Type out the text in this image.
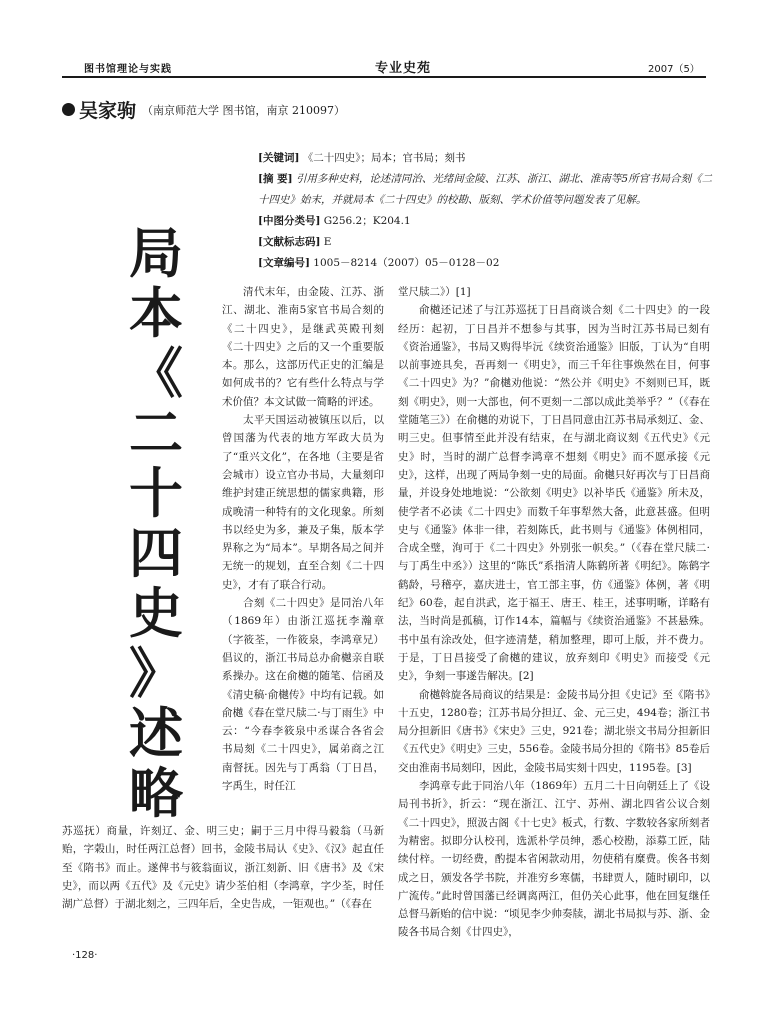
图书馆理论与实践	专业史苑	2007（5）
吴家驹 （南京师范大学 图书馆，南京 210097）
[关键词] 《二十四史》；局本；官书局；刻书
[摘 要] 引用多种史料，论述清同治、光绪间金陵、江苏、浙江、湖北、淮南等5所官书局合刻《二十四史》始末，并就局本《二十四史》的校勘、版刻、学术价值等问题发表了见解。
[中图分类号] G256.2；K204.1
[文献标志码] E
[文章编号] 1005－8214（2007）05－0128－02
局
本
《
二
十
四
史
》
述
略

清代末年，由金陵、江苏、浙江、湖北、淮南5家官书局合刻的《二十四史》，是继武英殿刊刻《二十四史》之后的又一个重要版本。那么，这部历代正史的汇编是如何成书的？它有些什么特点与学术价值？本文试做一简略的评述。

太平天国运动被镇压以后，以曾国藩为代表的地方军政大员为了“重兴文化”，在各地（主要是省会城市）设立官办书局，大量刻印维护封建正统思想的儒家典籍，形成晚清一种特有的文化现象。所刻书以经史为多，兼及子集，版本学界称之为“局本”。早期各局之间并无统一的规划，直至合刻《二十四史》，才有了联合行动。

合刻《二十四史》是同治八年（1869年）由浙江巡抚李瀚章（字筱荃，一作筱泉，李鸿章兄）倡议的，浙江书局总办俞樾亲自联系操办。这在俞樾的随笔、信函及《清史稿·俞樾传》中均有记载。如俞樾《春在堂尺牍二·与丁雨生》中云：“今春李筱泉中丞谋合各省会书局刻《二十四史》，属弟商之江南督抚。因先与丁禹翁（丁日昌，字禹生，时任江

苏巡抚）商量，许刻辽、金、明三史；嗣于三月中得马毅翁（马新贻，字榖山，时任两江总督）回书，金陵书局认《史》、《汉》起直任至《隋书》而止。遂俾书与筱翁面议，浙江刻新、旧《唐书》及《宋史》，而以两《五代》及《元史》请少荃伯相（李鸿章，字少荃，时任湖广总督）于湖北刻之，三四年后，全史告成，一钜观也。”（《春在

堂尺牍二》）[1]

俞樾还记述了与江苏巡抚丁日昌商谈合刻《二十四史》的一段经历：起初，丁日昌并不想参与其事，因为当时江苏书局已刻有《资治通鉴》，书局又购得毕沅《续资治通鉴》旧版，丁认为“自明以前事迹具矣，吾再刻一《明史》，而三千年往事焕然在目，何事《二十四史》为？”俞樾劝他说：“然公并《明史》不刻则已耳，既刻《明史》，则一大部也，何不更刻一二部以成此美举乎？”（《春在堂随笔三》）在俞樾的劝说下，丁日昌同意由江苏书局承刻辽、金、明三史。但事情至此并没有结束，在与湖北商议刻《五代史》《元史》时，当时的湖广总督李鸿章不想刻《明史》而不愿承接《元史》，这样，出现了两局争刻一史的局面。俞樾只好再次与丁日昌商量，并设身处地地说：“公欲刻《明史》以补毕氏《通鉴》所未及，使学者不必读《二十四史》而数千年事犁然大备，此意甚盛。但明史与《通鉴》体非一律，若刻陈氏，此书则与《通鉴》体例相同，合成全璧，洵可于《二十四史》外别张一帜矣。”（《春在堂尺牍二·与丁禹生中丞》）这里的“陈氏”系指清人陈鹤所著《明纪》。陈鹤字鹤龄，号稽亭，嘉庆进士，官工部主事，仿《通鉴》体例，著《明纪》60卷，起自洪武，迄于福王、唐王、桂王，述事明晰，详略有法，当时尚是孤稿，订作14本，篇幅与《续资治通鉴》不甚悬殊。书中虽有涂改处，但字迹清楚，稍加整理，即可上版，并不费力。于是，丁日昌接受了俞樾的建议，放弃刻印《明史》而接受《元史》，争刻一事遂告解决。[2]

俞樾斡旋各局商议的结果是：金陵书局分担《史记》至《隋书》十五史，1280卷；江苏书局分担辽、金、元三史，494卷；浙江书局分担新旧《唐书》《宋史》三史，921卷；湖北崇文书局分担新旧《五代史》《明史》三史，556卷。金陵书局分担的《隋书》85卷后交由淮南书局刻印，因此，金陵书局实刻十四史，1195卷。[3]

李鸿章专此于同治八年（1869年）五月二十日向朝廷上了《设局刊书折》，折云：“现在浙江、江宁、苏州、湖北四省公议合刻《二十四史》，照汲古阁《十七史》板式，行数、字数较各家所刻者为精密。拟即分认校刊，选派朴学员绅，悉心校勘，添募工匠，陆续付梓。一切经费，酌提本省闲款动用，勿使稍有糜费。俟各书刻成之日，颁发各学书院，并准穷乡寒儒，书肆贾人，随时刷印，以广流传。”此时曾国藩已经调离两江，但仍关心此事，他在回复继任总督马新贻的信中说：“顷见李少帅奏牍，湖北书局拟与苏、浙、金陵各书局合刻《廿四史》，

·128·
